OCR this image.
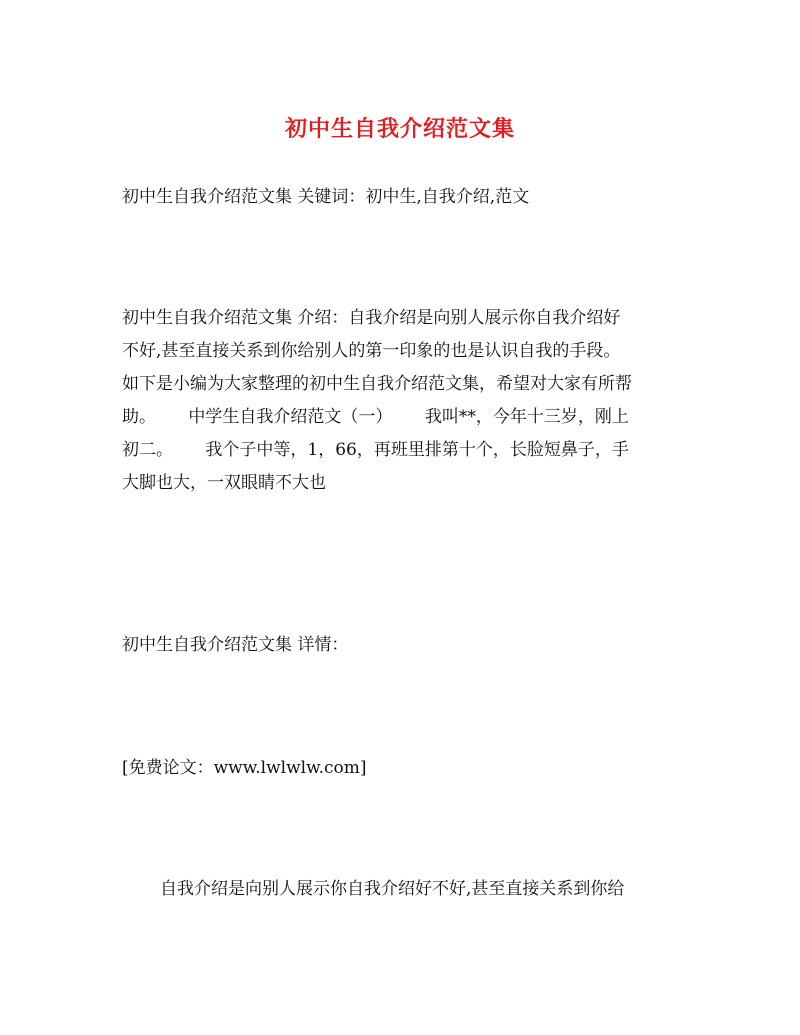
初中生自我介绍范文集
初中生自我介绍范文集 关键词：初中生,自我介绍,范文
初中生自我介绍范文集 介绍：自我介绍是向别人展示你自我介绍好
不好,甚至直接关系到你给别人的第一印象的也是认识自我的手段。
如下是小编为大家整理的初中生自我介绍范文集，希望对大家有所帮
助。      中学生自我介绍范文（一）      我叫**，今年十三岁，刚上
初二。      我个子中等，1，66，再班里排第十个，长脸短鼻子，手
大脚也大，一双眼睛不大也
初中生自我介绍范文集 详情：
[免费论文：www.lwlwlw.com]
自我介绍是向别人展示你自我介绍好不好,甚至直接关系到你给
